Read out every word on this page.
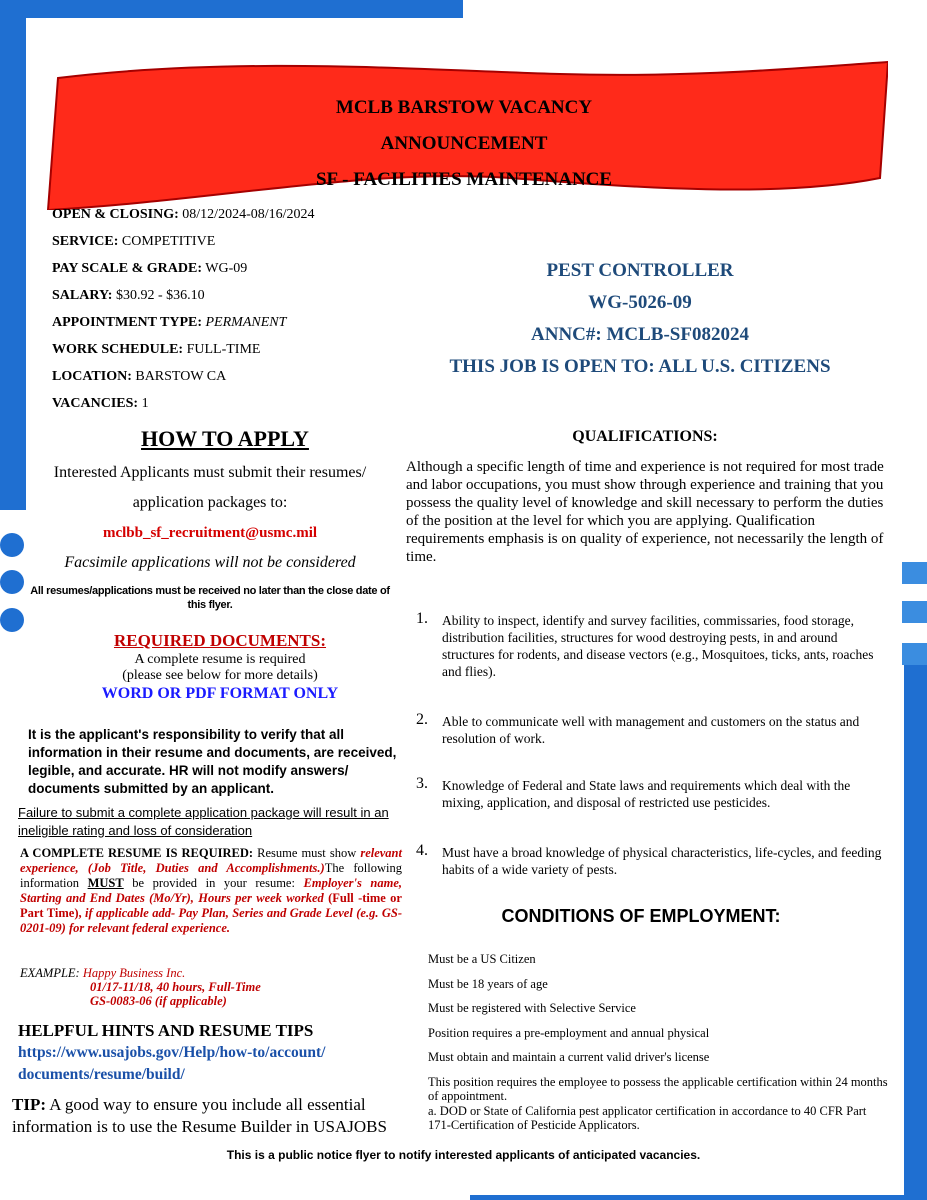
MCLB BARSTOW VACANCY
ANNOUNCEMENT
SF - FACILITIES MAINTENANCE
OPEN & CLOSING: 08/12/2024-08/16/2024
SERVICE: COMPETITIVE
PAY SCALE & GRADE: WG-09
SALARY: $30.92 - $36.10
APPOINTMENT TYPE: PERMANENT
WORK SCHEDULE: FULL-TIME
LOCATION: BARSTOW CA
VACANCIES: 1
PEST CONTROLLER
WG-5026-09
ANNC#: MCLB-SF082024
THIS JOB IS OPEN TO: ALL U.S. CITIZENS
HOW TO APPLY

Interested Applicants must submit their resumes/

application packages to:

mclbb_sf_recruitment@usmc.mil
Facsimile applications will not be considered
All resumes/applications must be received no later than the close date of this flyer.
REQUIRED DOCUMENTS:
A complete resume is required
(please see below for more details)
WORD OR PDF FORMAT ONLY
It is the applicant's responsibility to verify that all information in their resume and documents, are received, legible, and accurate. HR will not modify answers/ documents submitted by an applicant.
Failure to submit a complete application package will result in an ineligible rating and loss of consideration
A COMPLETE RESUME IS REQUIRED: Resume must show relevant experience, (Job Title, Duties and Accomplishments.)The following information MUST be provided in your resume: Employer's name, Starting and End Dates (Mo/Yr), Hours per week worked (Full -time or Part Time), if applicable add- Pay Plan, Series and Grade Level (e.g. GS-0201-09) for relevant federal experience.
EXAMPLE: Happy Business Inc.
01/17-11/18, 40 hours, Full-Time
GS-0083-06 (if applicable)
HELPFUL HINTS AND RESUME TIPS
https://www.usajobs.gov/Help/how-to/account/
documents/resume/build/
TIP: A good way to ensure you include all essential information is to use the Resume Builder in USAJOBS
QUALIFICATIONS:
Although a specific length of time and experience is not required for most trade and labor occupations, you must show through experience and training that you possess the quality level of knowledge and skill necessary to perform the duties of the position at the level for which you are applying. Qualification requirements emphasis is on quality of experience, not necessarily the length of time.
1. Ability to inspect, identify and survey facilities, commissaries, food storage, distribution facilities, structures for wood destroying pests, in and around structures for rodents, and disease vectors (e.g., Mosquitoes, ticks, ants, roaches and flies).
2. Able to communicate well with management and customers on the status and resolution of work.
3. Knowledge of Federal and State laws and requirements which deal with the mixing, application, and disposal of restricted use pesticides.
4. Must have a broad knowledge of physical characteristics, life-cycles, and feeding habits of a wide variety of pests.
CONDITIONS OF EMPLOYMENT:
Must be a US Citizen
Must be 18 years of age
Must be registered with Selective Service
Position requires a pre-employment and annual physical
Must obtain and maintain a current valid driver's license
This position requires the employee to possess the applicable certification within 24 months of appointment.
a. DOD or State of California pest applicator certification in accordance to 40 CFR Part 171-Certification of Pesticide Applicators.
This is a public notice flyer to notify interested applicants of anticipated vacancies.
